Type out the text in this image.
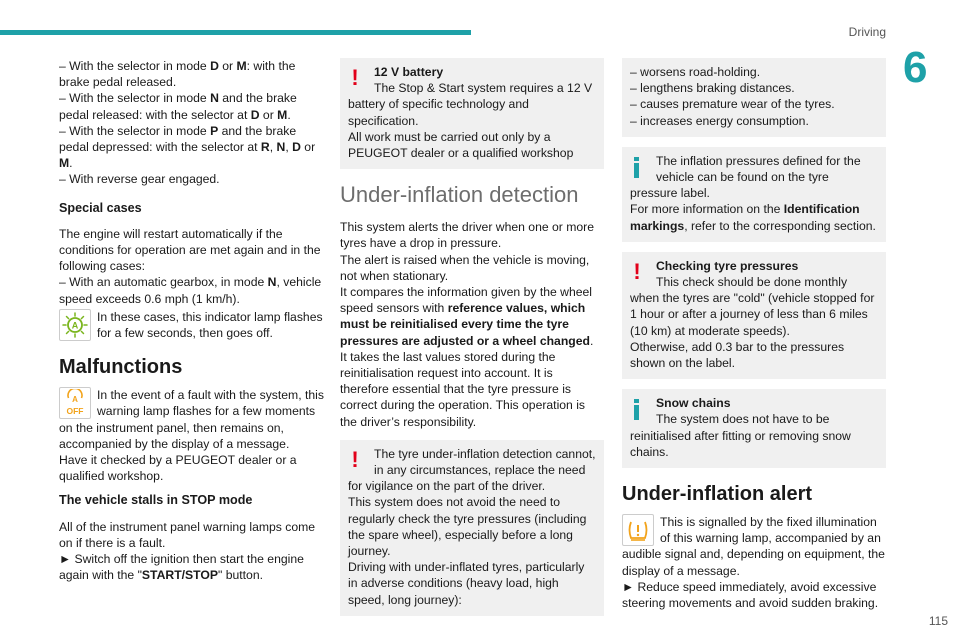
Driving
6
115

– With the selector in mode D or M: with the brake pedal released.

– With the selector in mode N and the brake pedal released: with the selector at D or M.

– With the selector in mode P and the brake pedal depressed: with the selector at R, N, D or M.

– With reverse gear engaged.

Special cases

The engine will restart automatically if the conditions for operation are met again and in the following cases:

– With an automatic gearbox, in mode N, vehicle speed exceeds 0.6 mph (1 km/h).

A

In these cases, this indicator lamp flashes for a few seconds, then goes off.

Malfunctions
A
OFF

In the event of a fault with the system, this warning lamp flashes for a few moments on the instrument panel, then remains on, accompanied by the display of a message.

Have it checked by a PEUGEOT dealer or a qualified workshop.

The vehicle stalls in STOP mode

All of the instrument panel warning lamps come on if there is a fault.

► Switch off the ignition then start the engine again with the "START/STOP" button.

!	12 V battery

The Stop & Start system requires a 12 V battery of specific technology and specification.

All work must be carried out only by a PEUGEOT dealer or a qualified workshop

Under-inflation detection

This system alerts the driver when one or more tyres have a drop in pressure.

The alert is raised when the vehicle is moving, not when stationary.

It compares the information given by the wheel speed sensors with reference values, which must be reinitialised every time the tyre pressures are adjusted or a wheel changed.

It takes the last values stored during the reinitialisation request into account. It is therefore essential that the tyre pressure is correct during the operation. This operation is the driver’s responsibility.

!	The tyre under-inflation detection cannot, in any circumstances, replace the need for vigilance on the part of the driver.

This system does not avoid the need to regularly check the tyre pressures (including the spare wheel), especially before a long journey.

Driving with under-inflated tyres, particularly in adverse conditions (heavy load, high speed, long journey):

– worsens road-holding.

– lengthens braking distances.

– causes premature wear of the tyres.

– increases energy consumption.

The inflation pressures defined for the vehicle can be found on the tyre pressure label.

For more information on the Identification markings, refer to the corresponding section.

!	Checking tyre pressures

This check should be done monthly when the tyres are "cold" (vehicle stopped for 1 hour or after a journey of less than 6 miles (10 km) at moderate speeds).

Otherwise, add 0.3 bar to the pressures shown on the label.

Snow chains

The system does not have to be reinitialised after fitting or removing snow chains.

Under-inflation alert

This is signalled by the fixed illumination of this warning lamp, accompanied by an audible signal and, depending on equipment, the display of a message.

► Reduce speed immediately, avoid excessive steering movements and avoid sudden braking.
